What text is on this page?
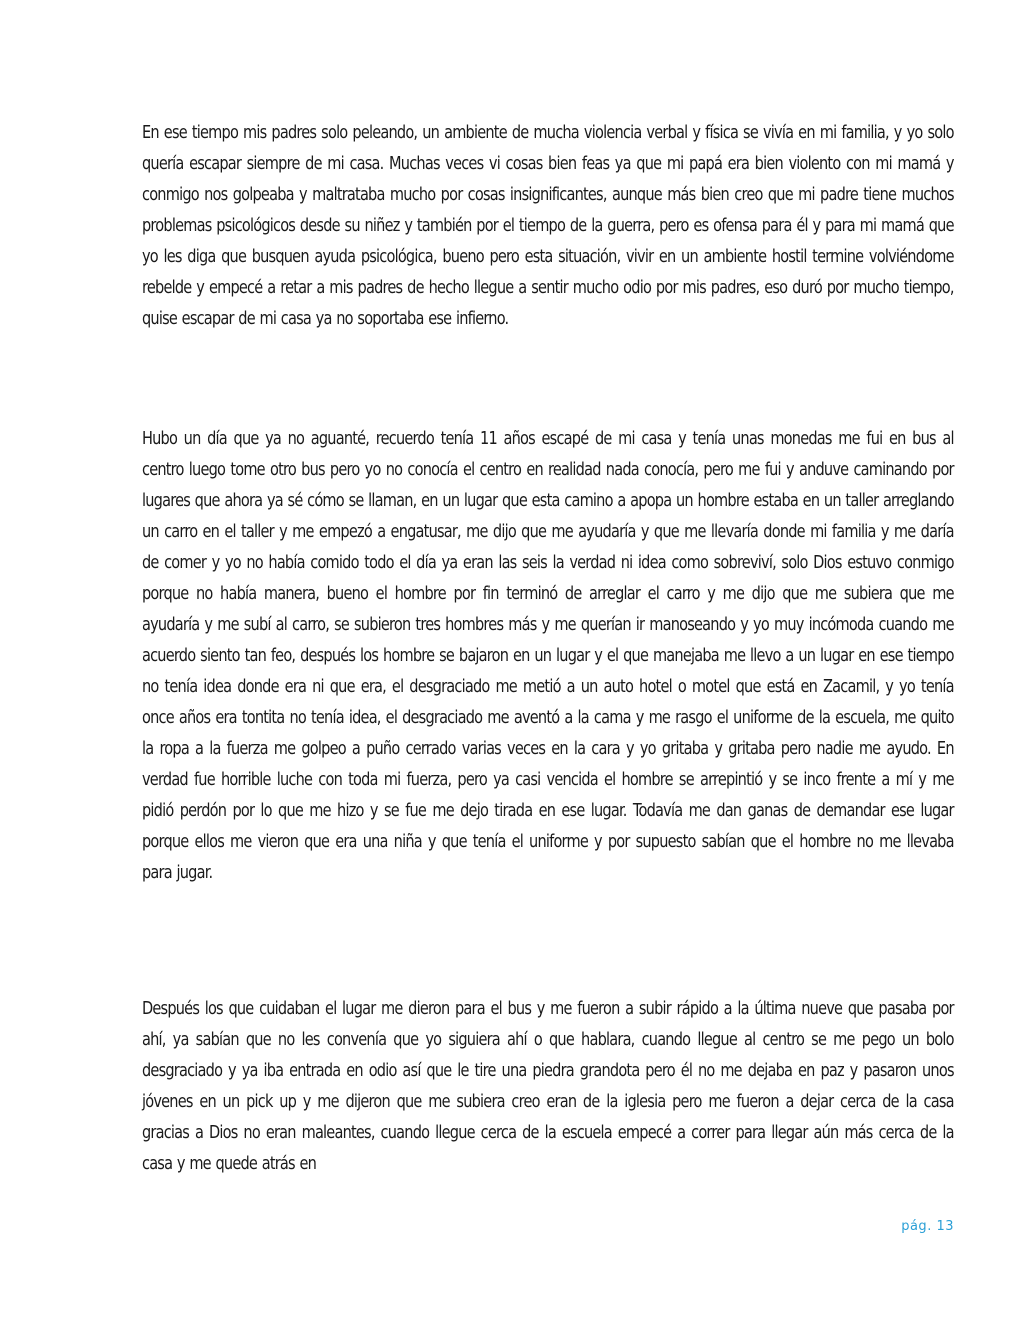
En ese tiempo mis padres solo peleando, un ambiente de mucha violencia verbal y física se vivía en mi familia, y yo solo quería escapar siempre de mi casa. Muchas veces vi cosas bien feas ya que mi papá era bien violento con mi mamá y conmigo nos golpeaba y maltrataba mucho por cosas insignificantes, aunque más bien creo que mi padre tiene muchos problemas psicológicos desde su niñez y también por el tiempo de la guerra, pero es ofensa para él y para mi mamá que yo les diga que busquen ayuda psicológica, bueno pero esta situación, vivir en un ambiente hostil termine volviéndome rebelde y empecé a retar a mis padres de hecho llegue a sentir mucho odio por mis padres, eso duró por mucho tiempo, quise escapar de mi casa ya no soportaba ese infierno.

Hubo un día que ya no aguanté, recuerdo tenía 11 años escapé de mi casa y tenía unas monedas me fui en bus al centro luego tome otro bus pero yo no conocía el centro en realidad nada conocía, pero me fui y anduve caminando por lugares que ahora ya sé cómo se llaman, en un lugar que esta camino a apopa un hombre estaba en un taller arreglando un carro en el taller y me empezó a engatusar, me dijo que me ayudaría y que me llevaría donde mi familia y me daría de comer y yo no había comido todo el día ya eran las seis la verdad ni idea como sobreviví, solo Dios estuvo conmigo porque no había manera, bueno el hombre por fin terminó de arreglar el carro y me dijo que me subiera que me ayudaría y me subí al carro, se subieron tres hombres más y me querían ir manoseando y yo muy incómoda cuando me acuerdo siento tan feo, después los hombre se bajaron en un lugar y el que manejaba me llevo a un lugar en ese tiempo no tenía idea donde era ni que era, el desgraciado me metió a un auto hotel o motel que está en Zacamil, y yo tenía once años era tontita no tenía idea, el desgraciado me aventó a la cama y me rasgo el uniforme de la escuela, me quito la ropa a la fuerza me golpeo a puño cerrado varias veces en la cara y yo gritaba y gritaba pero nadie me ayudo. En verdad fue horrible luche con toda mi fuerza, pero ya casi vencida el hombre se arrepintió y se inco frente a mí y me pidió perdón por lo que me hizo y se fue me dejo tirada en ese lugar. Todavía me dan ganas de demandar ese lugar porque ellos me vieron que era una niña y que tenía el uniforme y por supuesto sabían que el hombre no me llevaba para jugar.

Después los que cuidaban el lugar me dieron para el bus y me fueron a subir rápido a la última nueve que pasaba por ahí, ya sabían que no les convenía que yo siguiera ahí o que hablara, cuando llegue al centro se me pego un bolo desgraciado y ya iba entrada en odio así que le tire una piedra grandota pero él no me dejaba en paz y pasaron unos jóvenes en un pick up y me dijeron que me subiera creo eran de la iglesia pero me fueron a dejar cerca de la casa gracias a Dios no eran maleantes, cuando llegue cerca de la escuela empecé a correr para llegar aún más cerca de la casa y me quede atrás en

pág. 13
